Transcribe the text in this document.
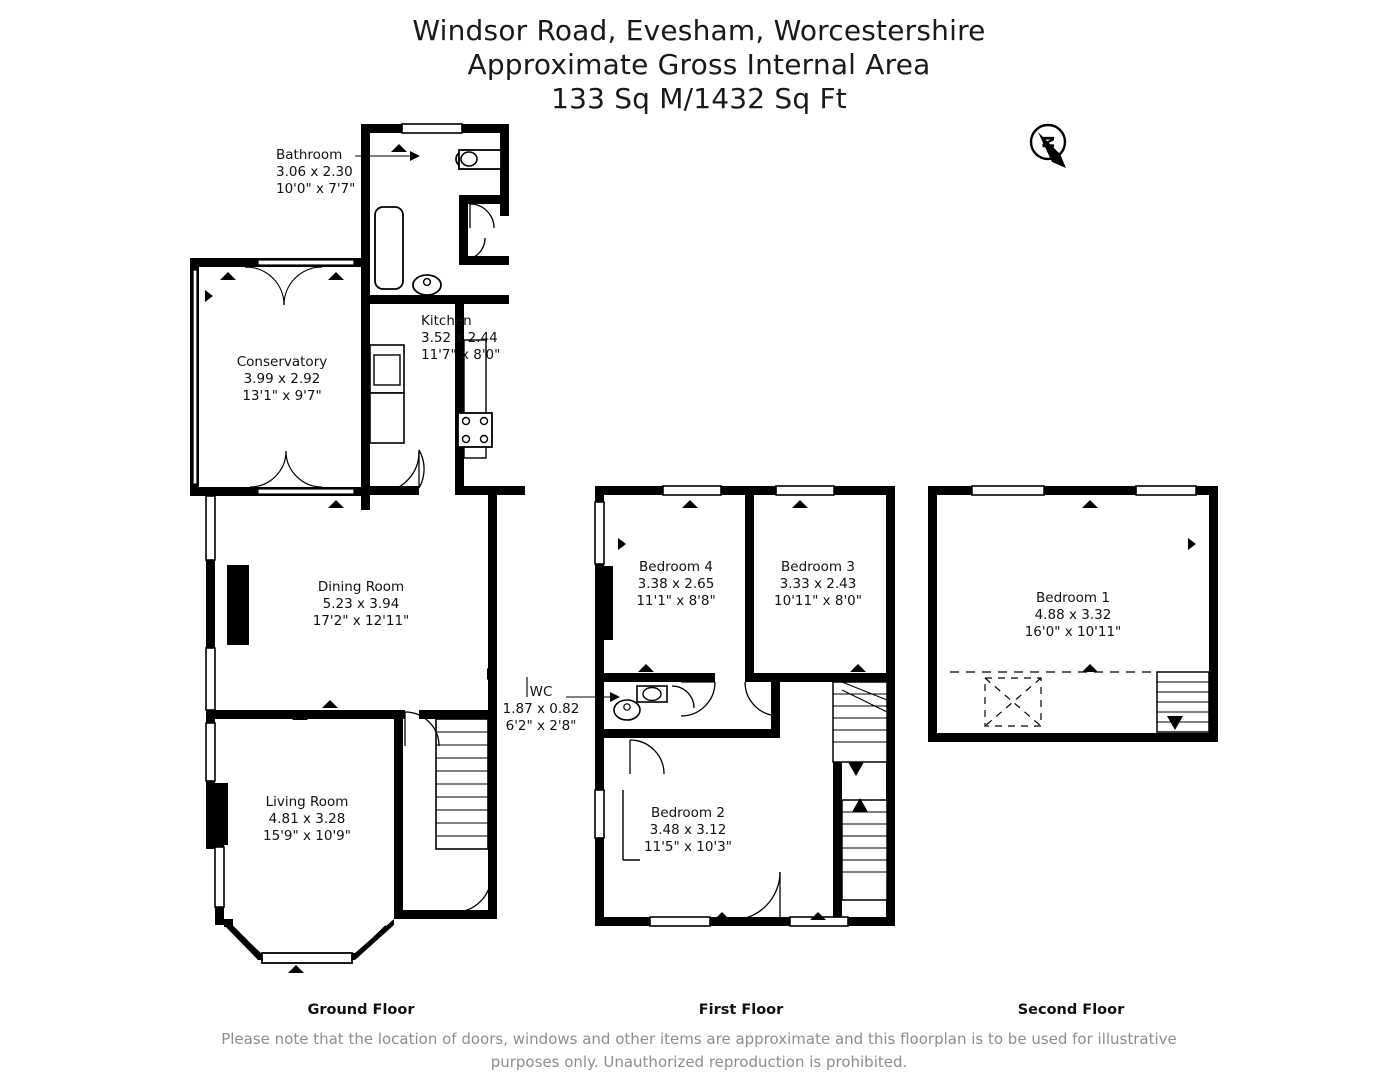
Windsor Road, Evesham, Worcestershire
Approximate Gross Internal Area
133 Sq M/1432 Sq Ft
N
Bathroom
3.06 x 2.30
10'0" x 7'7"
Kitchen
3.52 x 2.44
11'7" x 8'0"
Conservatory
3.99 x 2.92
13'1" x 9'7"
Dining Room
5.23 x 3.94
17'2" x 12'11"
Living Room
4.81 x 3.28
15'9" x 10'9"
WC
1.87 x 0.82
6'2" x 2'8"
Bedroom 4
3.38 x 2.65
11'1" x 8'8"
Bedroom 3
3.33 x 2.43
10'11" x 8'0"
Bedroom 2
3.48 x 3.12
11'5" x 10'3"
Bedroom 1
4.88 x 3.32
16'0" x 10'11"
Ground Floor	First Floor	Second Floor
Please note that the location of doors, windows and other items are approximate and this floorplan is to be used for illustrative
purposes only. Unauthorized reproduction is prohibited.
